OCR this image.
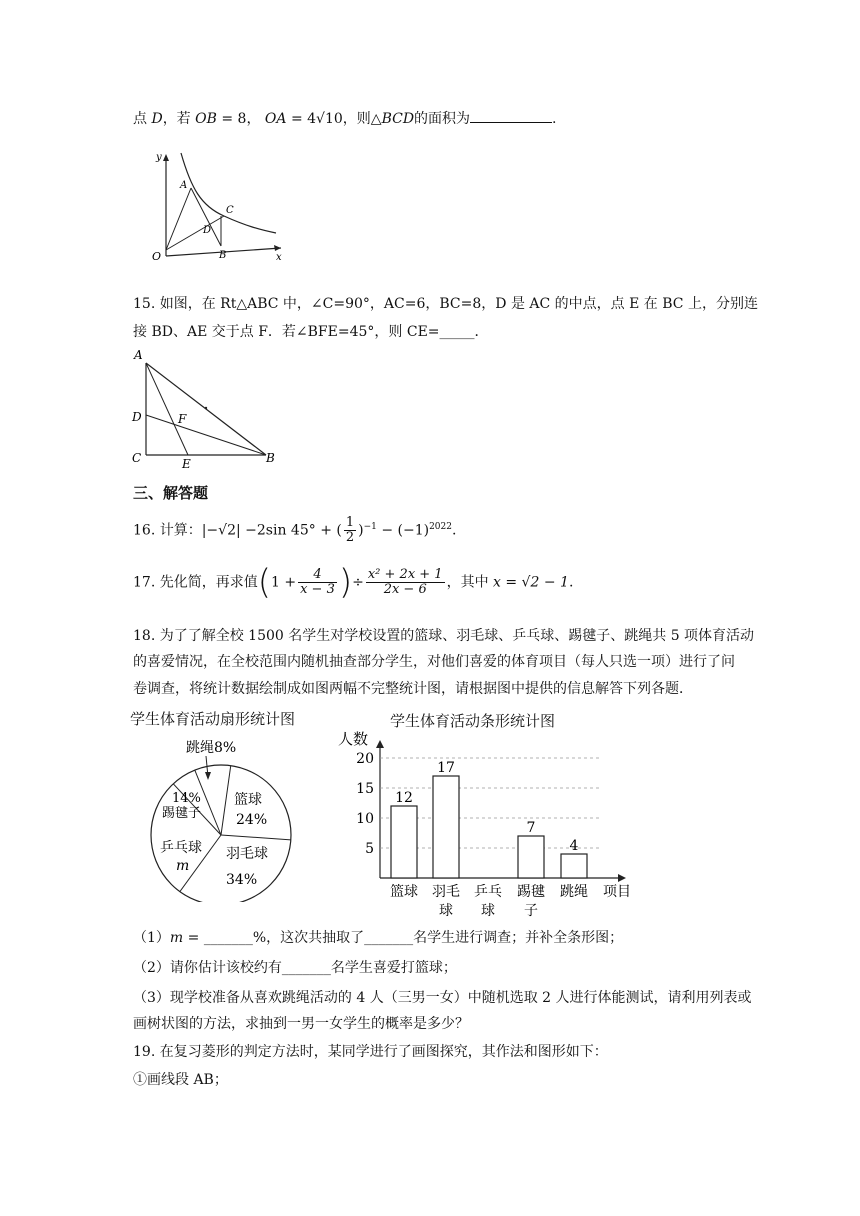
点 D，若 OB = 8， OA = 4√10，则△BCD的面积为	.
y
x
O
A
C
D
B
15. 如图，在 Rt△ABC 中，∠C=90°，AC=6，BC=8，D 是 AC 的中点，点 E 在 BC 上，分别连
接 BD、AE 交于点 F．若∠BFE=45°，则 CE=_____．
A
D	F
C	E	B
三、解答题
16. 计算：|−√2| −2sin 45° + ( $\frac{1}{2} )^{-1} - (-1)^{2022}$.
17. 先化简，再求值($1 + \frac{4}{x - 3}$ )÷ $\frac{\text{x² + 2x + 1}}{2x - 6}$ ，其中 x = √2 − 1.
18. 为了了解全校 1500 名学生对学校设置的篮球、羽毛球、乒乓球、踢毽子、跳绳共 5 项体育活动
的喜爱情况，在全校范围内随机抽查部分学生，对他们喜爱的体育项目（每人只选一项）进行了问
卷调查，将统计数据绘制成如图两幅不完整统计图，请根据图中提供的信息解答下列各题．
学生体育活动扇形统计图
跳绳8%
14%
踢毽子
篮球
24%
乒乓球
m
羽毛球
34%
学生体育活动条形统计图
人数
项目
5
10
15
20
12
篮球
17
羽毛
球
乒乓
球
7
踢毽
子
4
跳绳
（1）m = _______%，这次共抽取了_______名学生进行调查；并补全条形图；
（2）请你估计该校约有_______名学生喜爱打篮球；
（3）现学校准备从喜欢跳绳活动的 4 人（三男一女）中随机选取 2 人进行体能测试，请利用列表或
画树状图的方法，求抽到一男一女学生的概率是多少？
19. 在复习菱形的判定方法时，某同学进行了画图探究，其作法和图形如下：
①画线段 AB；
